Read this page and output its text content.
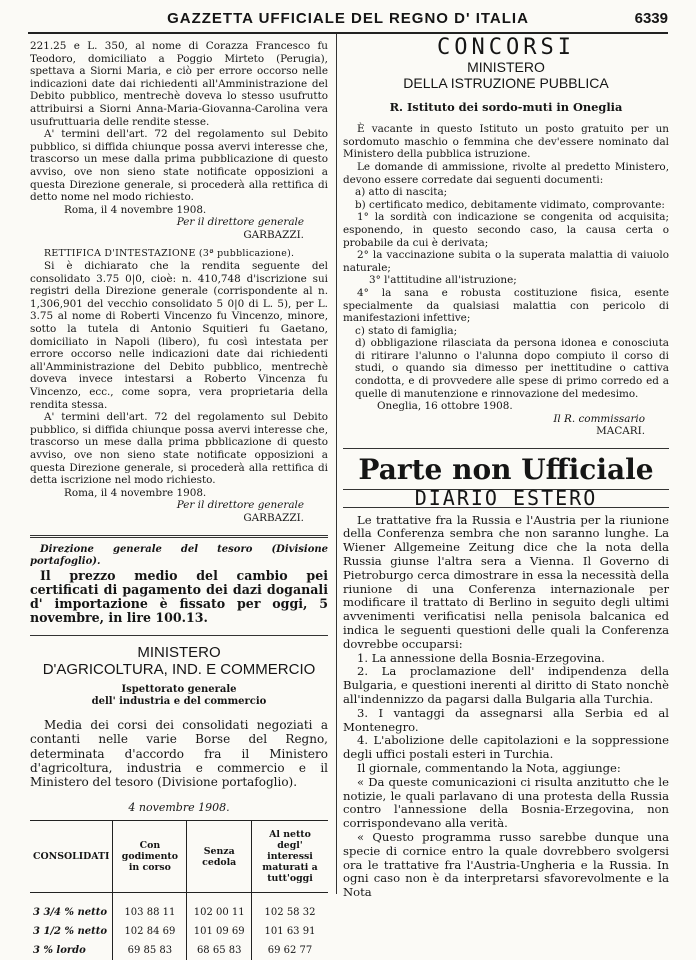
GAZZETTA UFFICIALE DEL REGNO D' ITALIA	6339

221.25 e L. 350, al nome di Corazza Francesco fu Teodoro, domiciliato a Poggio Mirteto (Perugia), spettava a Siorni Maria, e ciò per errore occorso nelle indicazioni date dai richiedenti all'Amministrazione del Debito pubblico, mentrechè doveva lo stesso usufrutto attribuirsi a Siorni Anna-Maria-Giovanna-Carolina vera usufruttuaria delle rendite stesse.

A' termini dell'art. 72 del regolamento sul Debito pubblico, si diffida chiunque possa avervi interesse che, trascorso un mese dalla prima pubblicazione di questo avviso, ove non sieno state notificate opposizioni a questa Direzione generale, si procederà alla rettifica di detto nome nel modo richiesto.

Roma, il 4 novembre 1908.

Per il direttore generale
GARBAZZI.

RETTIFICA D'INTESTAZIONE (3ª pubblicazione).

Si è dichiarato che la rendita seguente del consolidato 3.75 0|0, cioè: n. 410,748 d'iscrizione sui registri della Direzione generale (corrispondente al n. 1,306,901 del vecchio consolidato 5 0|0 di L. 5), per L. 3.75 al nome di Roberti Vincenzo fu Vincenzo, minore, sotto la tutela di Antonio Squitieri fu Gaetano, domiciliato in Napoli (libero), fu così intestata per errore occorso nelle indicazioni date dai richiedenti all'Amministrazione del Debito pubblico, mentrechè doveva invece intestarsi a Roberto Vincenza fu Vincenzo, ecc., come sopra, vera proprietaria della rendita stessa.

A' termini dell'art. 72 del regolamento sul Debito pubblico, si diffida chiunque possa avervi interesse che, trascorso un mese dalla prima pbblicazione di questo avviso, ove non sieno state notificate opposizioni a questa Direzione generale, si procederà alla rettifica di detta iscrizione nel modo richiesto.

Roma, il 4 novembre 1908.

Per il direttore generale
GARBAZZI.

Direzione generale del tesoro (Divisione portafoglio).

Il prezzo medio del cambio pei certificati di pagamento dei dazi doganali d' importazione è fissato per oggi, 5 novembre, in lire 100.13.

MINISTERO
D'AGRICOLTURA, IND. E COMMERCIO
Ispettorato generale
dell' industria e del commercio

Media dei corsi dei consolidati negoziati a contanti nelle varie Borse del Regno, determinata d'accordo fra il Ministero d'agricoltura, industria e commercio e il Ministero del tesoro (Divisione portafoglio).

4 novembre 1908.

CONSOLIDATI	Con godimento in corso	Senza cedola	Al netto degl' interessi maturati a tutt'oggi
3 3/4 % netto	103 88 11	102 00 11	102 58 32
3 1/2 % netto	102 84 69	101 09 69	101 63 91
3 % lordo	69 85 83	68 65 83	69 62 77
CONCORSI
MINISTERO
DELLA ISTRUZIONE PUBBLICA
R. Istituto dei sordo-muti in Oneglia

È vacante in questo Istituto un posto gratuito per un sordomuto maschio o femmina che dev'essere nominato dal Ministero della pubblica istruzione.

Le domande di ammissione, rivolte al predetto Ministero, devono essere corredate dai seguenti documenti:

a) atto di nascita;

b) certificato medico, debitamente vidimato, comprovante:

1° la sordità con indicazione se congenita od acquisita; esponendo, in questo secondo caso, la causa certa o probabile da cui è derivata;

2° la vaccinazione subita o la superata malattia di vaiuolo naturale;

3° l'attitudine all'istruzione;

4° la sana e robusta costituzione fisica, esente specialmente da qualsiasi malattia con pericolo di manifestazioni infettive;

c) stato di famiglia;

d) obbligazione rilasciata da persona idonea e conosciuta di ritirare l'alunno o l'alunna dopo compiuto il corso di studi, o quando sia dimesso per inettitudine o cattiva condotta, e di provvedere alle spese di primo corredo ed a quelle di manutenzione e rinnovazione del medesimo.

Oneglia, 16 ottobre 1908.

Il R. commissario
MACARI.

Parte non Ufficiale
DIARIO ESTERO

Le trattative fra la Russia e l'Austria per la riunione della Conferenza sembra che non saranno lunghe. La Wiener Allgemeine Zeitung dice che la nota della Russia giunse l'altra sera a Vienna. Il Governo di Pietroburgo cerca dimostrare in essa la necessità della riunione di una Conferenza internazionale per modificare il trattato di Berlino in seguito degli ultimi avvenimenti verificatisi nella penisola balcanica ed indica le seguenti questioni delle quali la Conferenza dovrebbe occuparsi:

1. La annessione della Bosnia-Erzegovina.

2. La proclamazione dell' indipendenza della Bulgaria, e questioni inerenti al diritto di Stato nonchè all'indennizzo da pagarsi dalla Bulgaria alla Turchia.

3. I vantaggi da assegnarsi alla Serbia ed al Montenegro.

4. L'abolizione delle capitolazioni e la soppressione degli uffici postali esteri in Turchia.

Il giornale, commentando la Nota, aggiunge:

« Da queste comunicazioni ci risulta anzitutto che le notizie, le quali parlavano di una protesta della Russia contro l'annessione della Bosnia-Erzegovina, non corrispondevano alla verità.

« Questo programma russo sarebbe dunque una specie di cornice entro la quale dovrebbero svolgersi ora le trattative fra l'Austria-Ungheria e la Russia. In ogni caso non è da interpretarsi sfavorevolmente e la Nota
